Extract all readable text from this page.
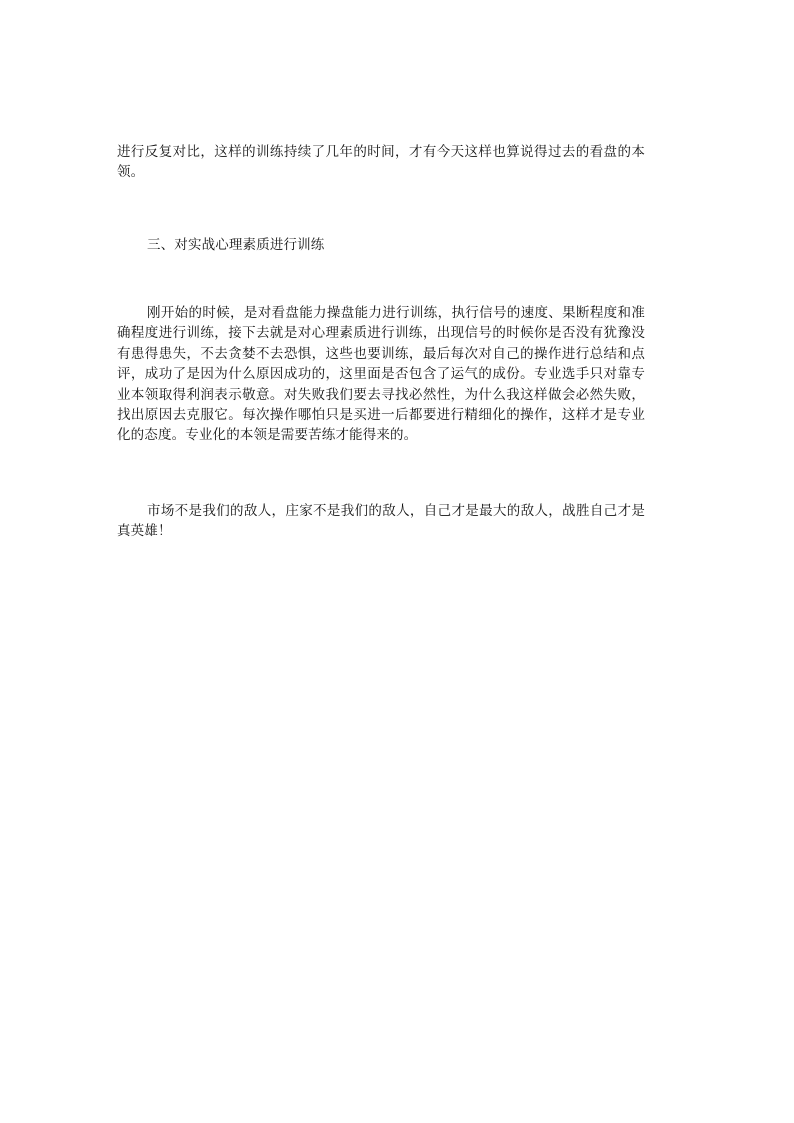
进行反复对比，这样的训练持续了几年的时间，才有今天这样也算说得过去的看盘的本领。

三、对实战心理素质进行训练

刚开始的时候，是对看盘能力操盘能力进行训练，执行信号的速度、果断程度和准确程度进行训练，接下去就是对心理素质进行训练，出现信号的时候你是否没有犹豫没有患得患失，不去贪婪不去恐惧，这些也要训练，最后每次对自己的操作进行总结和点评，成功了是因为什么原因成功的，这里面是否包含了运气的成份。专业选手只对靠专业本领取得利润表示敬意。对失败我们要去寻找必然性，为什么我这样做会必然失败，找出原因去克服它。每次操作哪怕只是买进一后都要进行精细化的操作，这样才是专业化的态度。专业化的本领是需要苦练才能得来的。

市场不是我们的敌人，庄家不是我们的敌人，自己才是最大的敌人，战胜自己才是真英雄！
